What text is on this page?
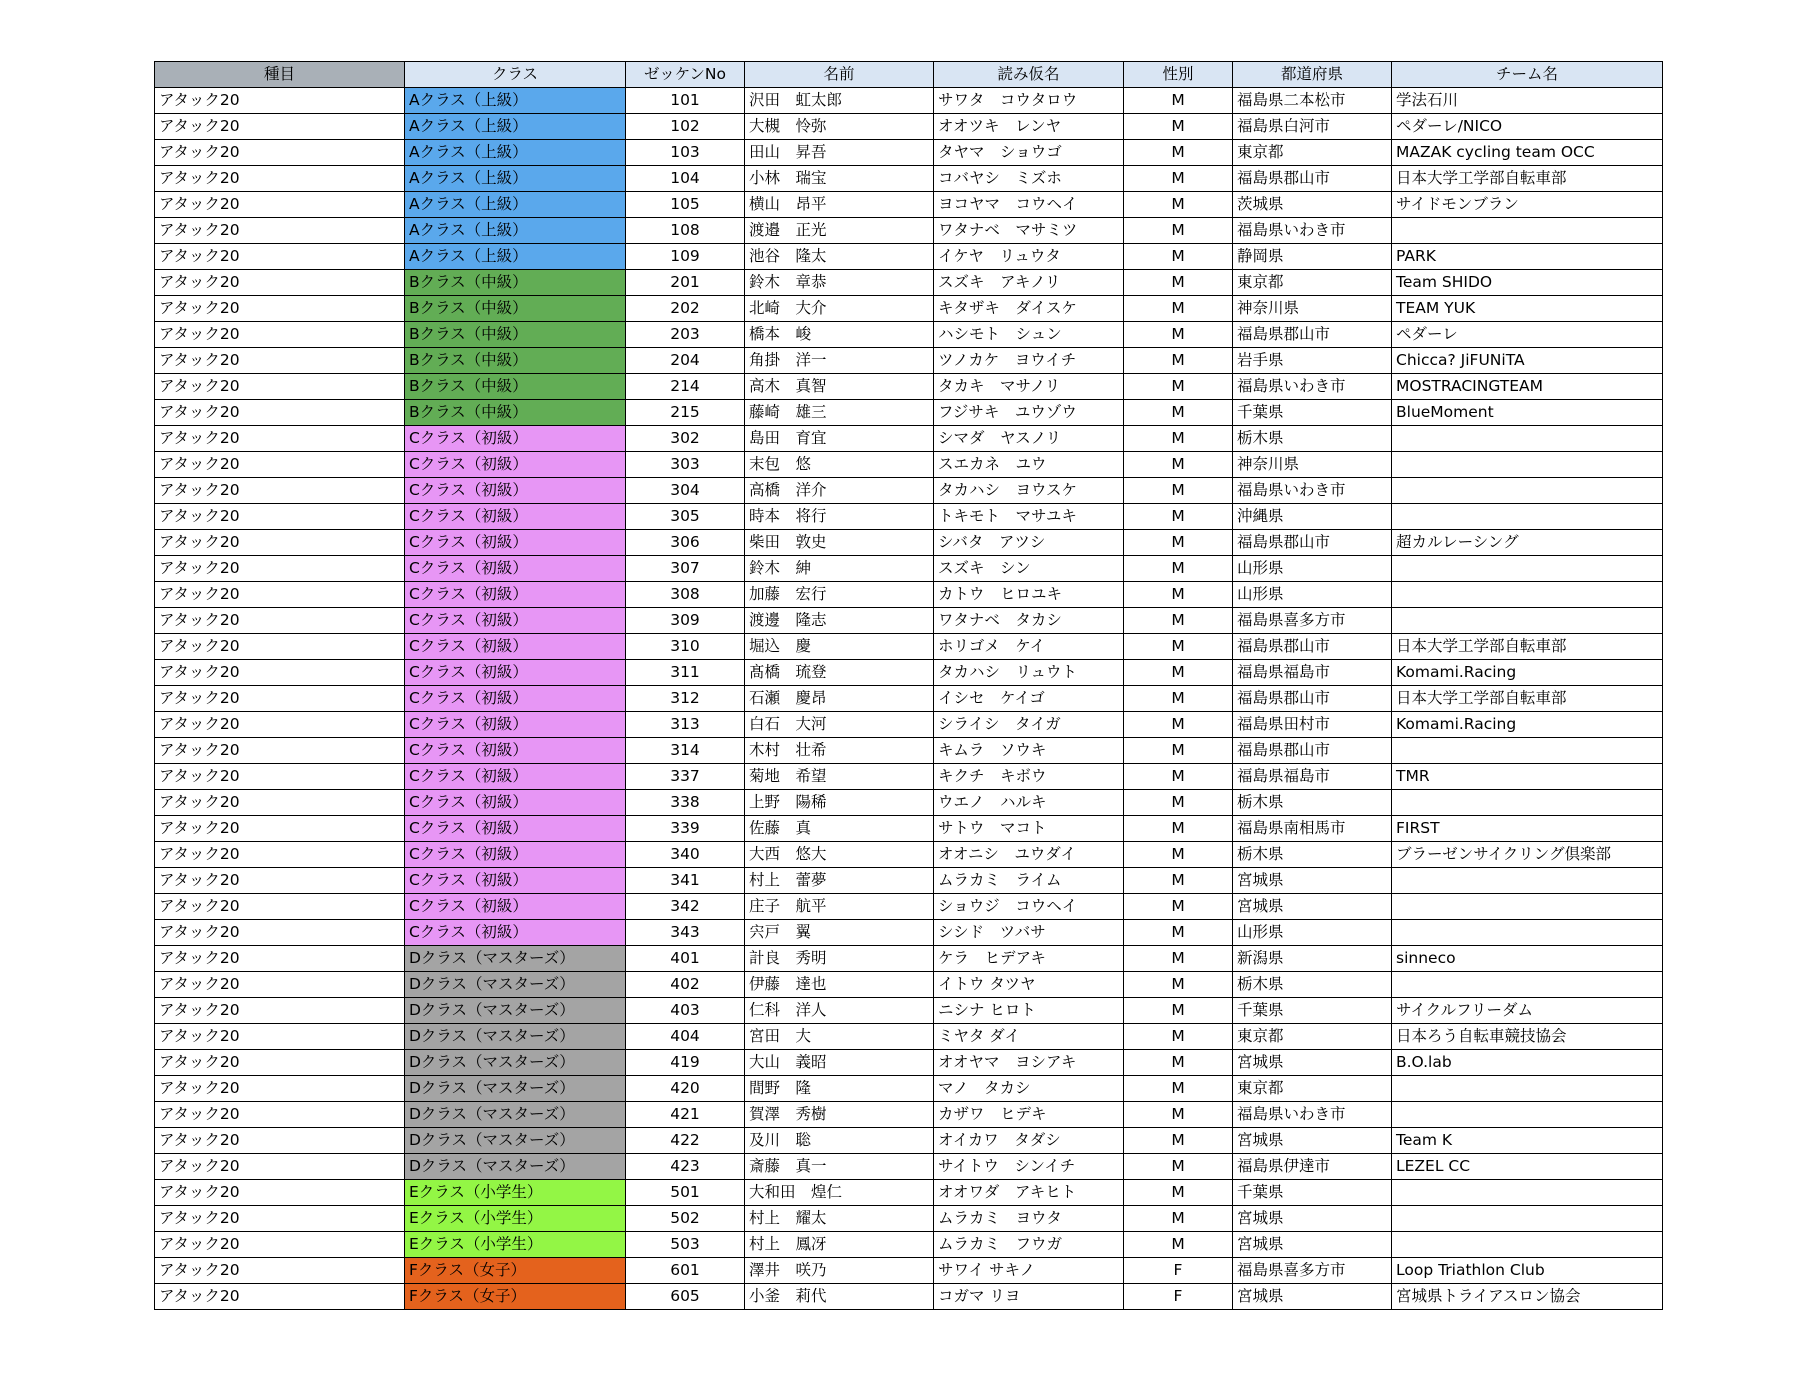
種目	クラス	ゼッケンNo	名前	読み仮名	性別	都道府県	チーム名
アタック20	Aクラス（上級）	101	沢田　虹太郎	サワタ　コウタロウ	M	福島県二本松市	学法石川
アタック20	Aクラス（上級）	102	大槻　怜弥	オオツキ　レンヤ	M	福島県白河市	ペダーレ/NICO
アタック20	Aクラス（上級）	103	田山　昇吾	タヤマ　ショウゴ	M	東京都	MAZAK cycling team OCC
アタック20	Aクラス（上級）	104	小林　瑞宝	コバヤシ　ミズホ	M	福島県郡山市	日本大学工学部自転車部
アタック20	Aクラス（上級）	105	横山　昂平	ヨコヤマ　コウヘイ	M	茨城県	サイドモンブラン
アタック20	Aクラス（上級）	108	渡邉　正光	ワタナベ　マサミツ	M	福島県いわき市	
アタック20	Aクラス（上級）	109	池谷　隆太	イケヤ　リュウタ	M	静岡県	PARK
アタック20	Bクラス（中級）	201	鈴木　章恭	スズキ　アキノリ	M	東京都	Team SHIDO
アタック20	Bクラス（中級）	202	北崎　大介	キタザキ　ダイスケ	M	神奈川県	TEAM YUK
アタック20	Bクラス（中級）	203	橋本　峻	ハシモト　シュン	M	福島県郡山市	ペダーレ
アタック20	Bクラス（中級）	204	角掛　洋一	ツノカケ　ヨウイチ	M	岩手県	Chicca? JiFUNiTA
アタック20	Bクラス（中級）	214	高木　真智	タカキ　マサノリ	M	福島県いわき市	MOSTRACINGTEAM
アタック20	Bクラス（中級）	215	藤崎　雄三	フジサキ　ユウゾウ	M	千葉県	BlueMoment
アタック20	Cクラス（初級）	302	島田　育宜	シマダ　ヤスノリ	M	栃木県	
アタック20	Cクラス（初級）	303	末包　悠	スエカネ　ユウ	M	神奈川県	
アタック20	Cクラス（初級）	304	高橋　洋介	タカハシ　ヨウスケ	M	福島県いわき市	
アタック20	Cクラス（初級）	305	時本　将行	トキモト　マサユキ	M	沖縄県	
アタック20	Cクラス（初級）	306	柴田　敦史	シバタ　アツシ	M	福島県郡山市	超カルレーシング
アタック20	Cクラス（初級）	307	鈴木　紳	スズキ　シン	M	山形県	
アタック20	Cクラス（初級）	308	加藤　宏行	カトウ　ヒロユキ	M	山形県	
アタック20	Cクラス（初級）	309	渡邊　隆志	ワタナベ　タカシ	M	福島県喜多方市	
アタック20	Cクラス（初級）	310	堀込　慶	ホリゴメ　ケイ	M	福島県郡山市	日本大学工学部自転車部
アタック20	Cクラス（初級）	311	髙橋　琉登	タカハシ　リュウト	M	福島県福島市	Komami.Racing
アタック20	Cクラス（初級）	312	石瀬　慶昂	イシセ　ケイゴ	M	福島県郡山市	日本大学工学部自転車部
アタック20	Cクラス（初級）	313	白石　大河	シライシ　タイガ	M	福島県田村市	Komami.Racing
アタック20	Cクラス（初級）	314	木村　壮希	キムラ　ソウキ	M	福島県郡山市	
アタック20	Cクラス（初級）	337	菊地　希望	キクチ　キボウ	M	福島県福島市	TMR
アタック20	Cクラス（初級）	338	上野　陽稀	ウエノ　ハルキ	M	栃木県	
アタック20	Cクラス（初級）	339	佐藤　真	サトウ　マコト	M	福島県南相馬市	FIRST
アタック20	Cクラス（初級）	340	大西　悠大	オオニシ　ユウダイ	M	栃木県	ブラーゼンサイクリング倶楽部
アタック20	Cクラス（初級）	341	村上　蕾夢	ムラカミ　ライム	M	宮城県	
アタック20	Cクラス（初級）	342	庄子　航平	ショウジ　コウヘイ	M	宮城県	
アタック20	Cクラス（初級）	343	宍戸　翼	シシド　ツバサ	M	山形県	
アタック20	Dクラス（マスターズ）	401	計良　秀明	ケラ　ヒデアキ	M	新潟県	sinneco
アタック20	Dクラス（マスターズ）	402	伊藤　達也	イトウ タツヤ	M	栃木県	
アタック20	Dクラス（マスターズ）	403	仁科　洋人	ニシナ ヒロト	M	千葉県	サイクルフリーダム
アタック20	Dクラス（マスターズ）	404	宮田　大	ミヤタ ダイ	M	東京都	日本ろう自転車競技協会
アタック20	Dクラス（マスターズ）	419	大山　義昭	オオヤマ　ヨシアキ	M	宮城県	B.O.lab
アタック20	Dクラス（マスターズ）	420	間野　隆	マノ　タカシ	M	東京都	
アタック20	Dクラス（マスターズ）	421	賀澤　秀樹	カザワ　ヒデキ	M	福島県いわき市	
アタック20	Dクラス（マスターズ）	422	及川　聡	オイカワ　タダシ	M	宮城県	Team K
アタック20	Dクラス（マスターズ）	423	斎藤　真一	サイトウ　シンイチ	M	福島県伊達市	LEZEL CC
アタック20	Eクラス（小学生）	501	大和田　煌仁	オオワダ　アキヒト	M	千葉県	
アタック20	Eクラス（小学生）	502	村上　耀太	ムラカミ　ヨウタ	M	宮城県	
アタック20	Eクラス（小学生）	503	村上　鳳冴	ムラカミ　フウガ	M	宮城県	
アタック20	Fクラス（女子）	601	澤井　咲乃	サワイ サキノ	F	福島県喜多方市	Loop Triathlon Club
アタック20	Fクラス（女子）	605	小釜　莉代	コガマ リヨ	F	宮城県	宮城県トライアスロン協会
